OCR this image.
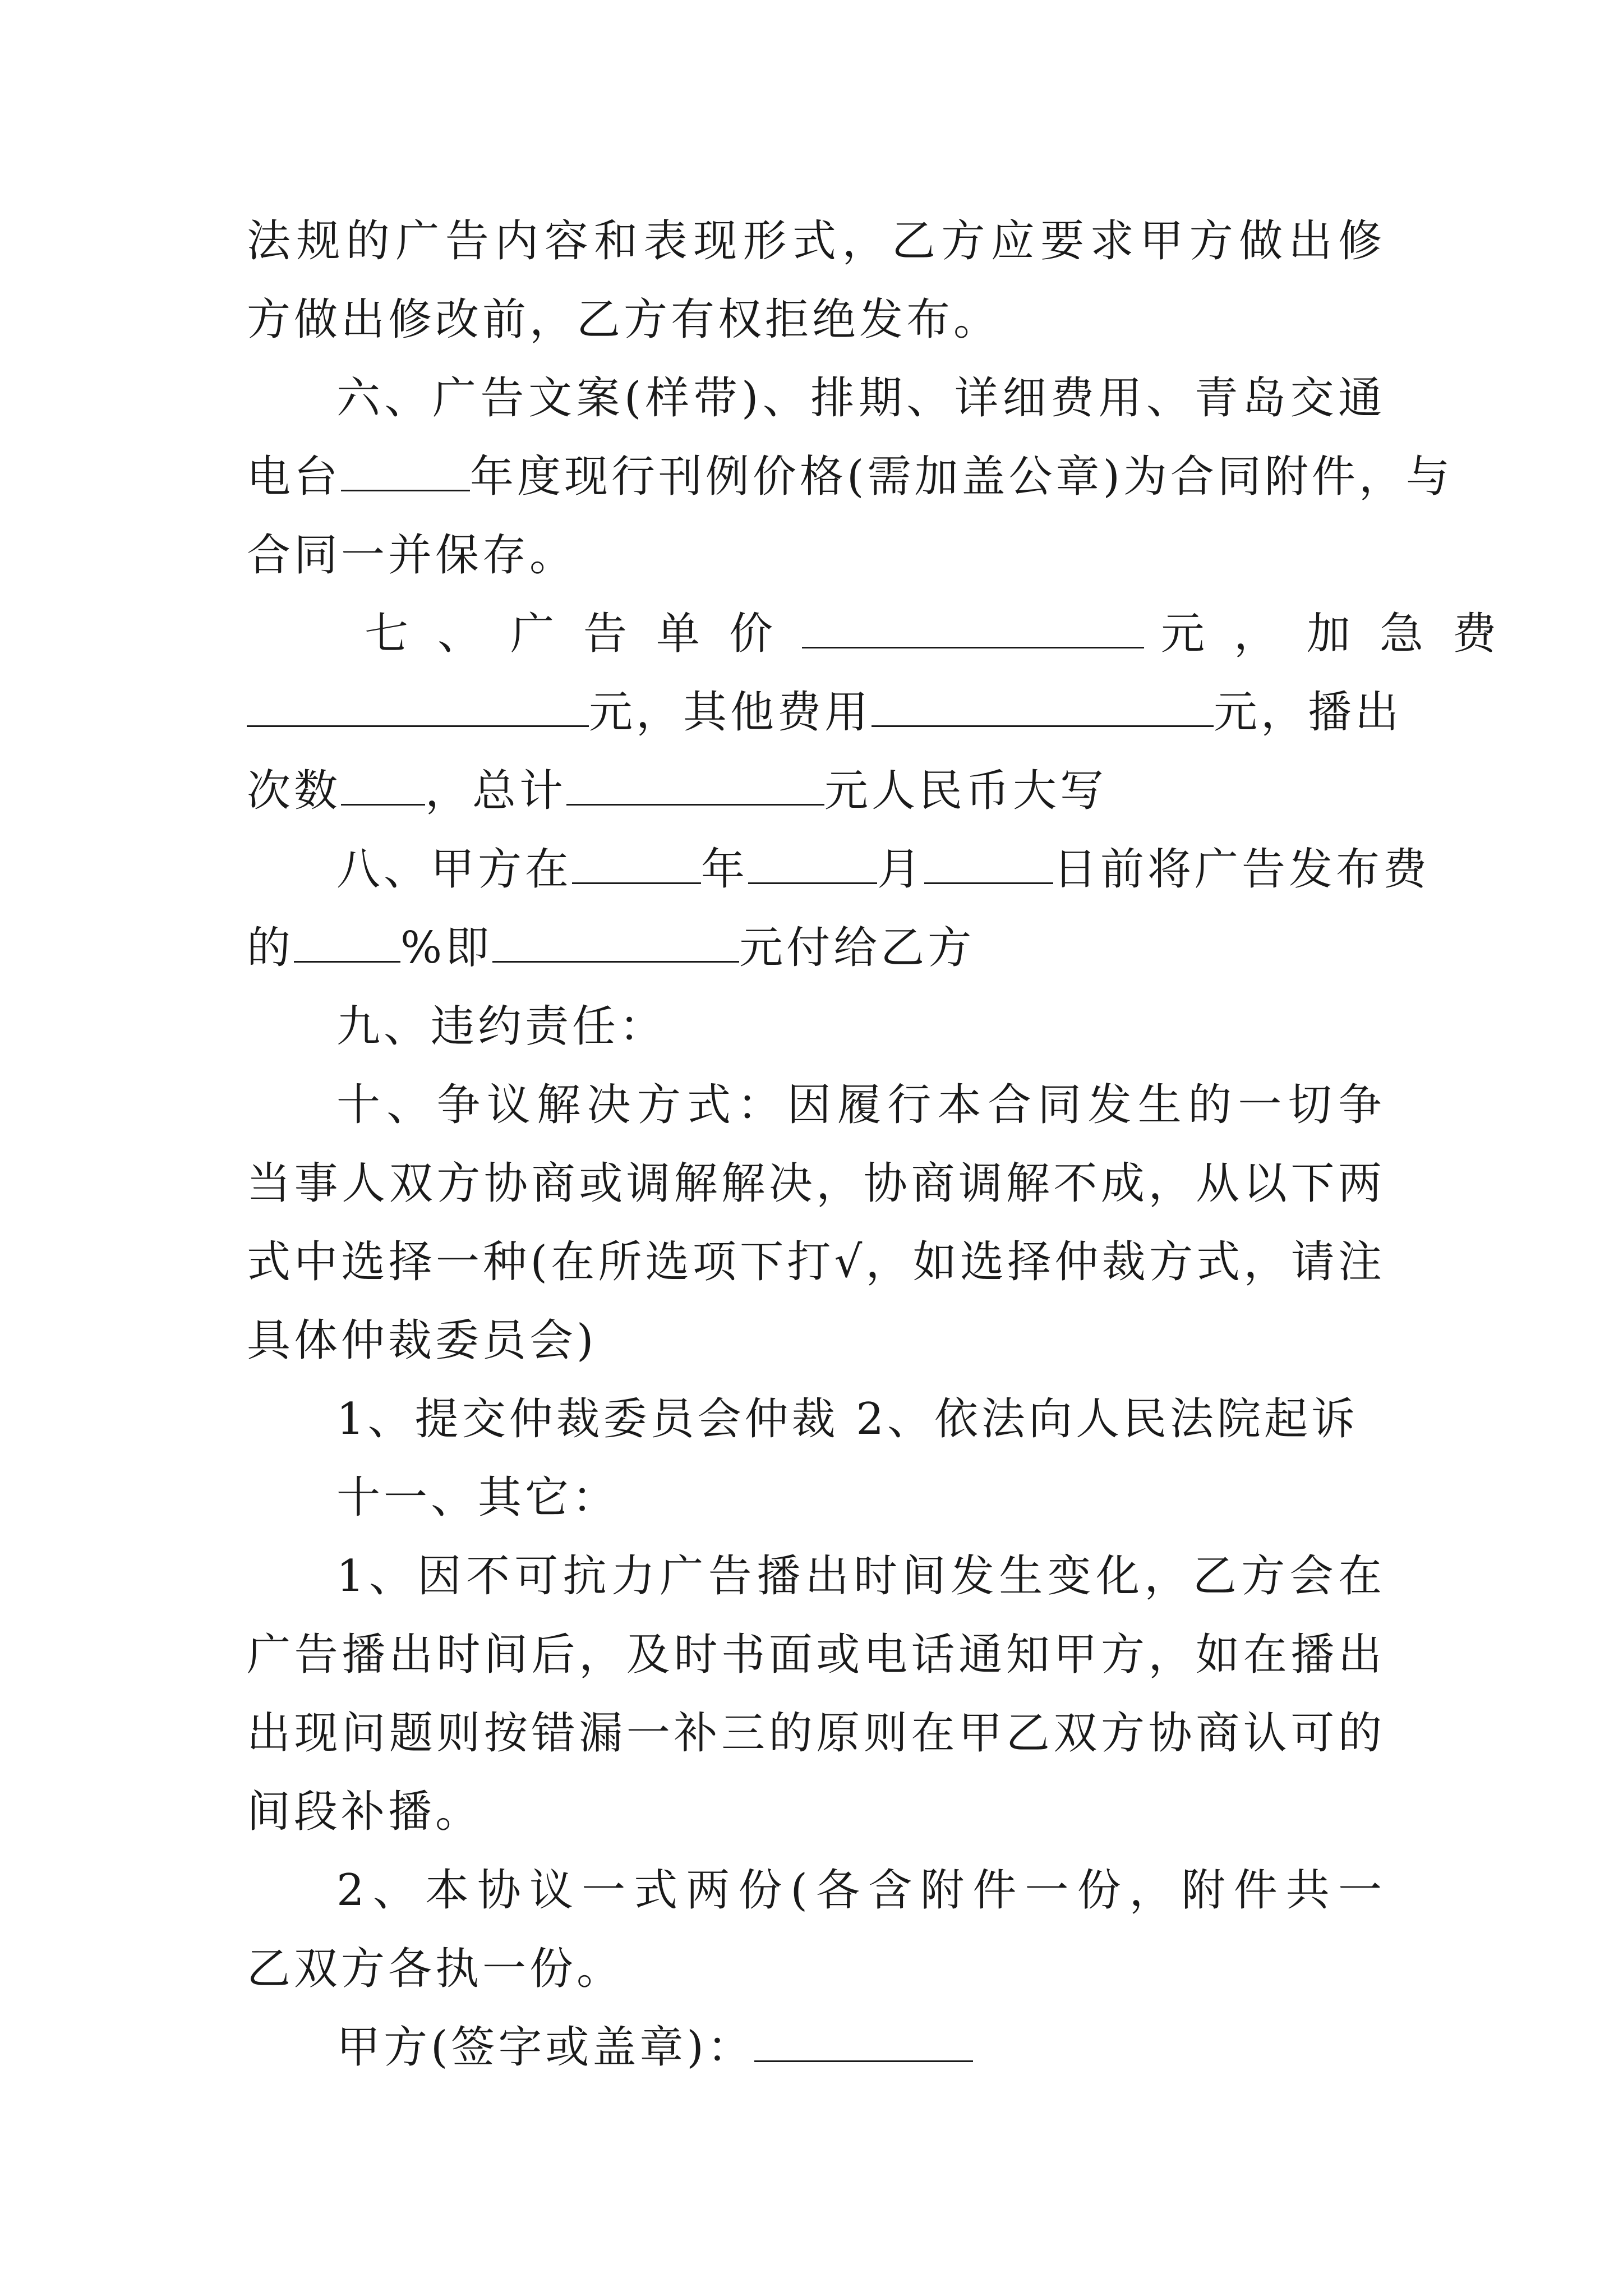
法规的广告内容和表现形式，乙方应要求甲方做出修
方做出修改前，乙方有权拒绝发布。
六、广告文案(样带)、排期、详细费用、青岛交通
电台	年度现行刊例价格(需加盖公章)为合同附件，与
合同一并保存。
七、广告单价	元，加急费
元，其他费用	元，播出
次数 ，总计	元人民币大写
八、甲方在	年	月	日前将广告发布费
的 %即	元付给乙方
九、违约责任：
十、争议解决方式：因履行本合同发生的一切争
当事人双方协商或调解解决，协商调解不成，从以下两
式中选择一种(在所选项下打√，如选择仲裁方式，请注
具体仲裁委员会)
1、提交仲裁委员会仲裁 2、依法向人民法院起诉
十一、其它：
1、因不可抗力广告播出时间发生变化，乙方会在
广告播出时间后，及时书面或电话通知甲方，如在播出
出现问题则按错漏一补三的原则在甲乙双方协商认可的
间段补播。
2、本协议一式两份(各含附件一份，附件共一
乙双方各执一份。
甲方(签字或盖章)：
